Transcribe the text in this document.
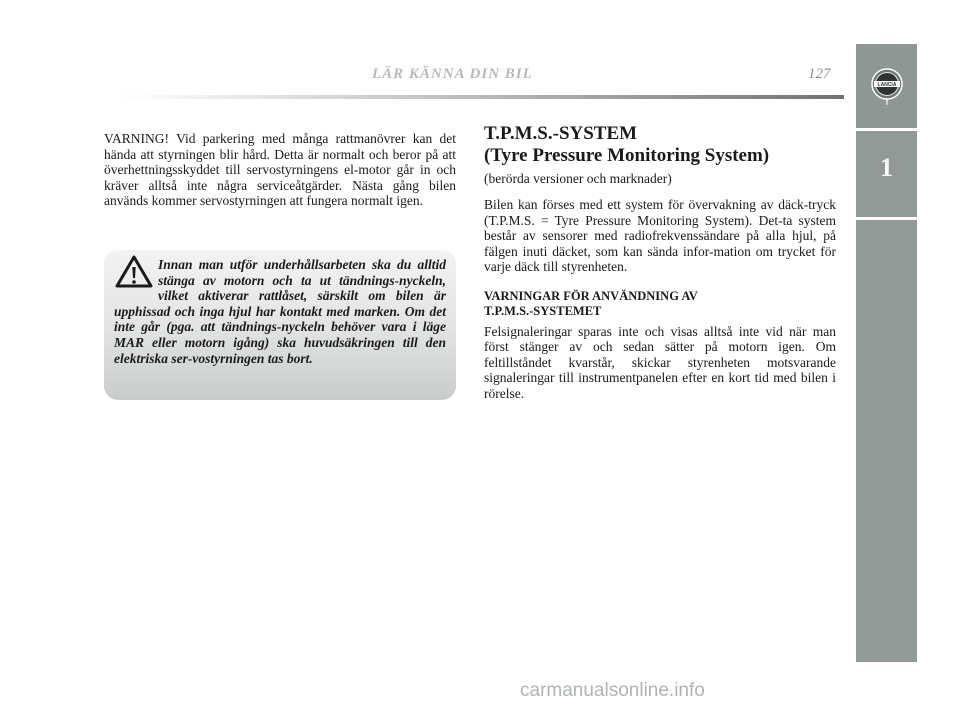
LÄR KÄNNA DIN BIL	127
LANCIA
1

VARNING! Vid parkering med många rattmanövrer kan det hända att styrningen blir hård. Detta är normalt och beror på att överhettningsskyddet till servostyrningens el-motor går in och kräver alltså inte några serviceåtgärder. Nästa gång bilen används kommer servostyrningen att fungera normalt igen.

Innan man utför underhållsarbeten ska du alltid stänga av motorn och ta ut tändnings-nyckeln, vilket aktiverar rattlåset, särskilt om bilen är upphissad och inga hjul har kontakt med marken. Om det inte går (pga. att tändnings-nyckeln behöver vara i läge MAR eller motorn igång) ska huvudsäkringen till den elektriska ser-vostyrningen tas bort.

T.P.M.S.-SYSTEM
(Tyre Pressure Monitoring System)

(berörda versioner och marknader)

Bilen kan förses med ett system för övervakning av däck-tryck (T.P.M.S. = Tyre Pressure Monitoring System). Det-ta system består av sensorer med radiofrekvenssändare på alla hjul, på fälgen inuti däcket, som kan sända infor-mation om trycket för varje däck till styrenheten.

VARNINGAR FÖR ANVÄNDNING AV
T.P.M.S.-SYSTEMET

Felsignaleringar sparas inte och visas alltså inte vid när man först stänger av och sedan sätter på motorn igen. Om feltillståndet kvarstår, skickar styrenheten motsvarande signaleringar till instrumentpanelen efter en kort tid med bilen i rörelse.

carmanualsonline.info
